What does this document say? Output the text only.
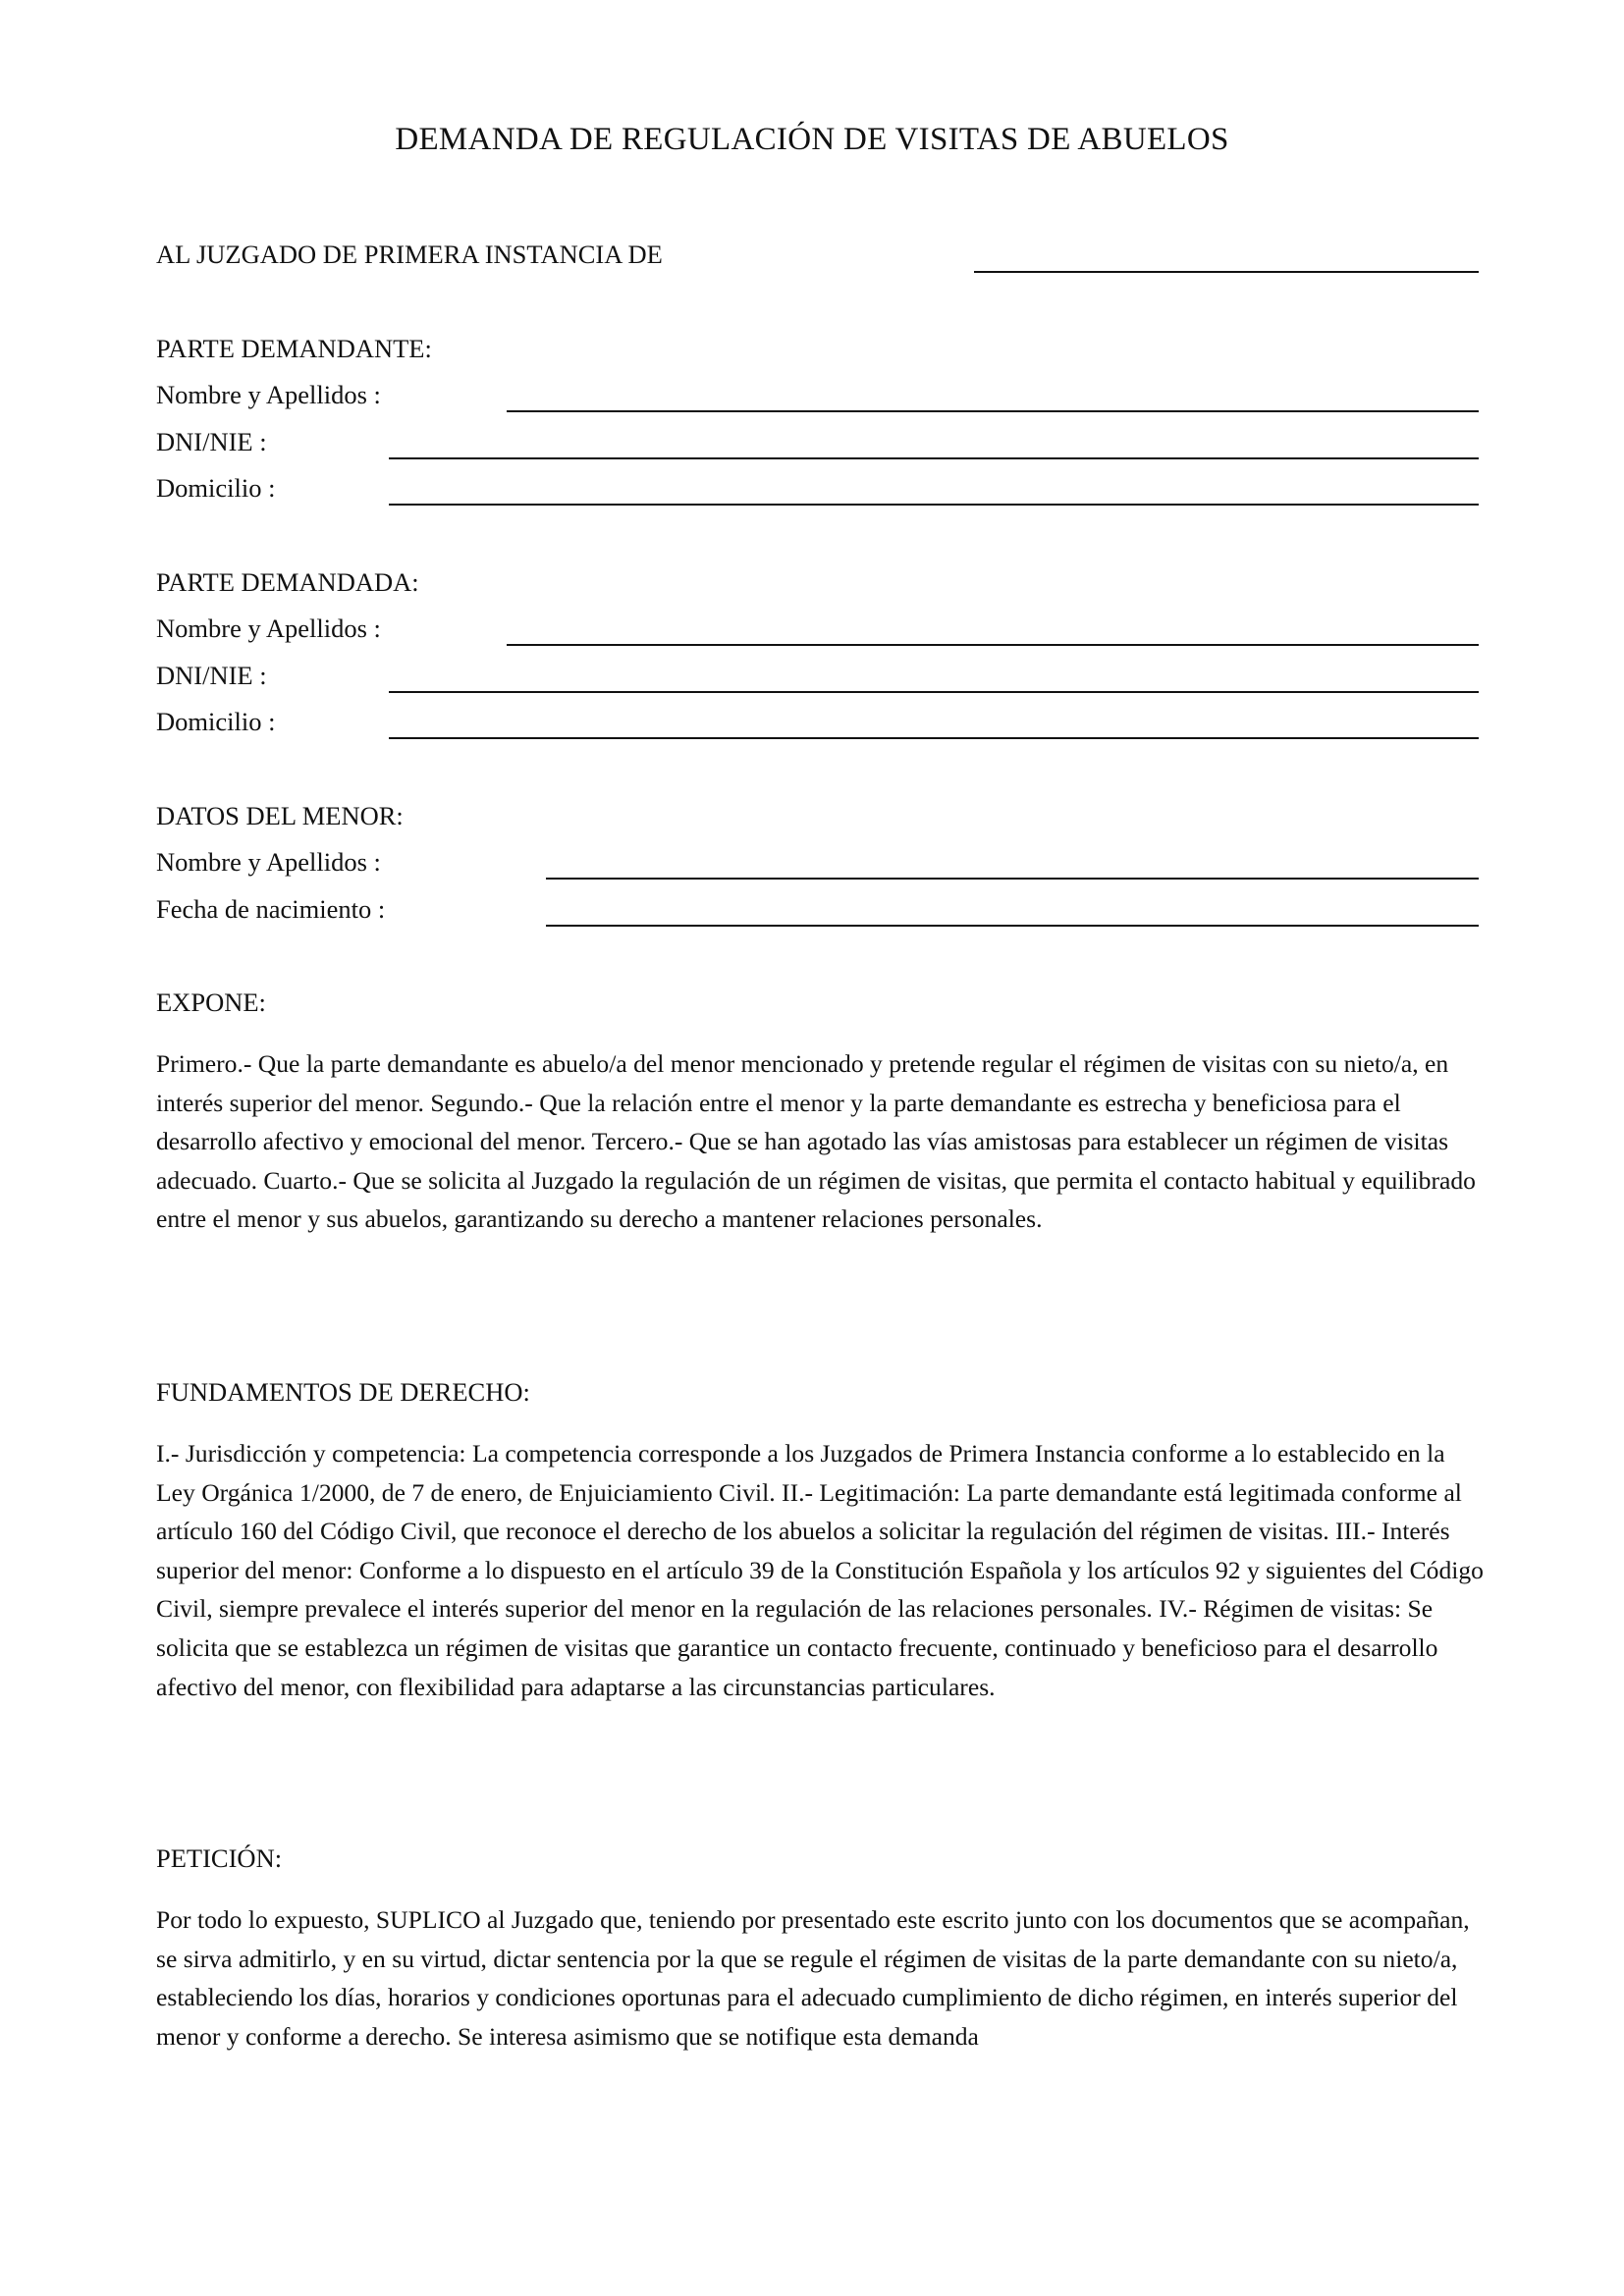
DEMANDA DE REGULACIÓN DE VISITAS DE ABUELOS
AL JUZGADO DE PRIMERA INSTANCIA DE
PARTE DEMANDANTE:
Nombre y Apellidos :
DNI/NIE :
Domicilio :
PARTE DEMANDADA:
Nombre y Apellidos :
DNI/NIE :
Domicilio :
DATOS DEL MENOR:
Nombre y Apellidos :
Fecha de nacimiento :
EXPONE:

Primero.- Que la parte demandante es abuelo/a del menor mencionado y pretende regular el régimen de visitas con su nieto/a, en interés superior del menor. Segundo.- Que la relación entre el menor y la parte demandante es estrecha y beneficiosa para el desarrollo afectivo y emocional del menor. Tercero.- Que se han agotado las vías amistosas para establecer un régimen de visitas adecuado. Cuarto.- Que se solicita al Juzgado la regulación de un régimen de visitas, que permita el contacto habitual y equilibrado entre el menor y sus abuelos, garantizando su derecho a mantener relaciones personales.

FUNDAMENTOS DE DERECHO:

I.- Jurisdicción y competencia: La competencia corresponde a los Juzgados de Primera Instancia conforme a lo establecido en la Ley Orgánica 1/2000, de 7 de enero, de Enjuiciamiento Civil. II.- Legitimación: La parte demandante está legitimada conforme al artículo 160 del Código Civil, que reconoce el derecho de los abuelos a solicitar la regulación del régimen de visitas. III.- Interés superior del menor: Conforme a lo dispuesto en el artículo 39 de la Constitución Española y los artículos 92 y siguientes del Código Civil, siempre prevalece el interés superior del menor en la regulación de las relaciones personales. IV.- Régimen de visitas: Se solicita que se establezca un régimen de visitas que garantice un contacto frecuente, continuado y beneficioso para el desarrollo afectivo del menor, con flexibilidad para adaptarse a las circunstancias particulares.

PETICIÓN:

Por todo lo expuesto, SUPLICO al Juzgado que, teniendo por presentado este escrito junto con los documentos que se acompañan, se sirva admitirlo, y en su virtud, dictar sentencia por la que se regule el régimen de visitas de la parte demandante con su nieto/a, estableciendo los días, horarios y condiciones oportunas para el adecuado cumplimiento de dicho régimen, en interés superior del menor y conforme a derecho. Se interesa asimismo que se notifique esta demanda
